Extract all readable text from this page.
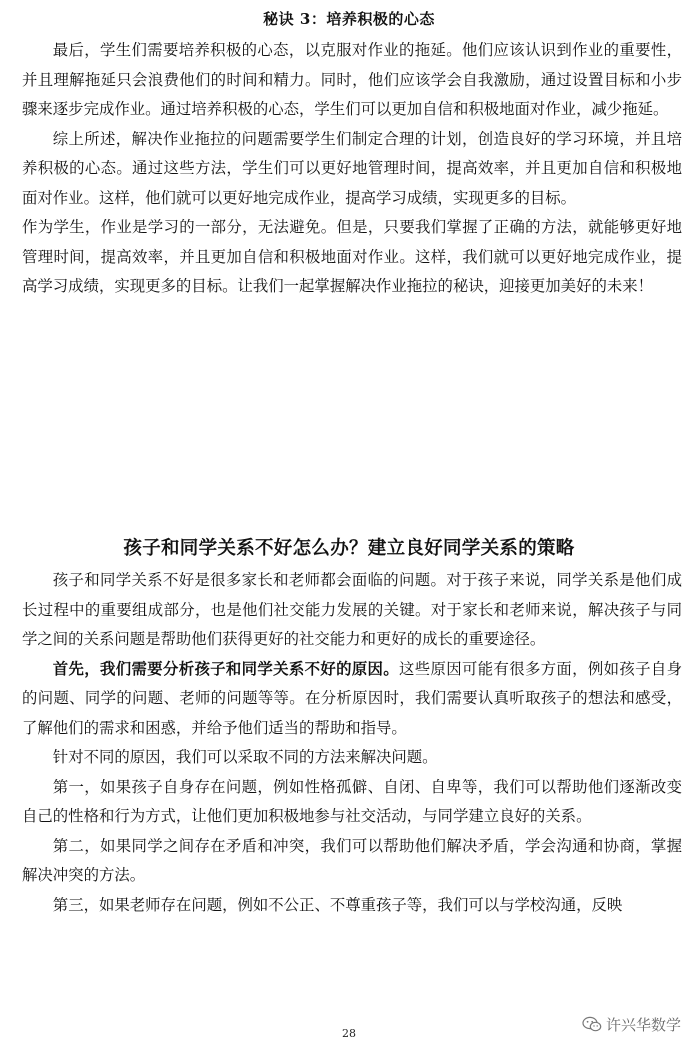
秘诀 3：培养积极的心态

最后，学生们需要培养积极的心态，以克服对作业的拖延。他们应该认识到作业的重要性，并且理解拖延只会浪费他们的时间和精力。同时，他们应该学会自我激励，通过设置目标和小步骤来逐步完成作业。通过培养积极的心态，学生们可以更加自信和积极地面对作业，减少拖延。

综上所述，解决作业拖拉的问题需要学生们制定合理的计划，创造良好的学习环境，并且培养积极的心态。通过这些方法，学生们可以更好地管理时间，提高效率，并且更加自信和积极地面对作业。这样，他们就可以更好地完成作业，提高学习成绩，实现更多的目标。

作为学生，作业是学习的一部分，无法避免。但是，只要我们掌握了正确的方法，就能够更好地管理时间，提高效率，并且更加自信和积极地面对作业。这样，我们就可以更好地完成作业，提高学习成绩，实现更多的目标。让我们一起掌握解决作业拖拉的秘诀，迎接更加美好的未来！

孩子和同学关系不好怎么办？建立良好同学关系的策略

孩子和同学关系不好是很多家长和老师都会面临的问题。对于孩子来说，同学关系是他们成长过程中的重要组成部分，也是他们社交能力发展的关键。对于家长和老师来说，解决孩子与同学之间的关系问题是帮助他们获得更好的社交能力和更好的成长的重要途径。

首先，我们需要分析孩子和同学关系不好的原因。这些原因可能有很多方面，例如孩子自身的问题、同学的问题、老师的问题等等。在分析原因时，我们需要认真听取孩子的想法和感受，了解他们的需求和困惑，并给予他们适当的帮助和指导。

针对不同的原因，我们可以采取不同的方法来解决问题。

第一，如果孩子自身存在问题，例如性格孤僻、自闭、自卑等，我们可以帮助他们逐渐改变自己的性格和行为方式，让他们更加积极地参与社交活动，与同学建立良好的关系。

第二，如果同学之间存在矛盾和冲突，我们可以帮助他们解决矛盾，学会沟通和协商，掌握解决冲突的方法。

第三，如果老师存在问题，例如不公正、不尊重孩子等，我们可以与学校沟通，反映

28	许兴华数学
